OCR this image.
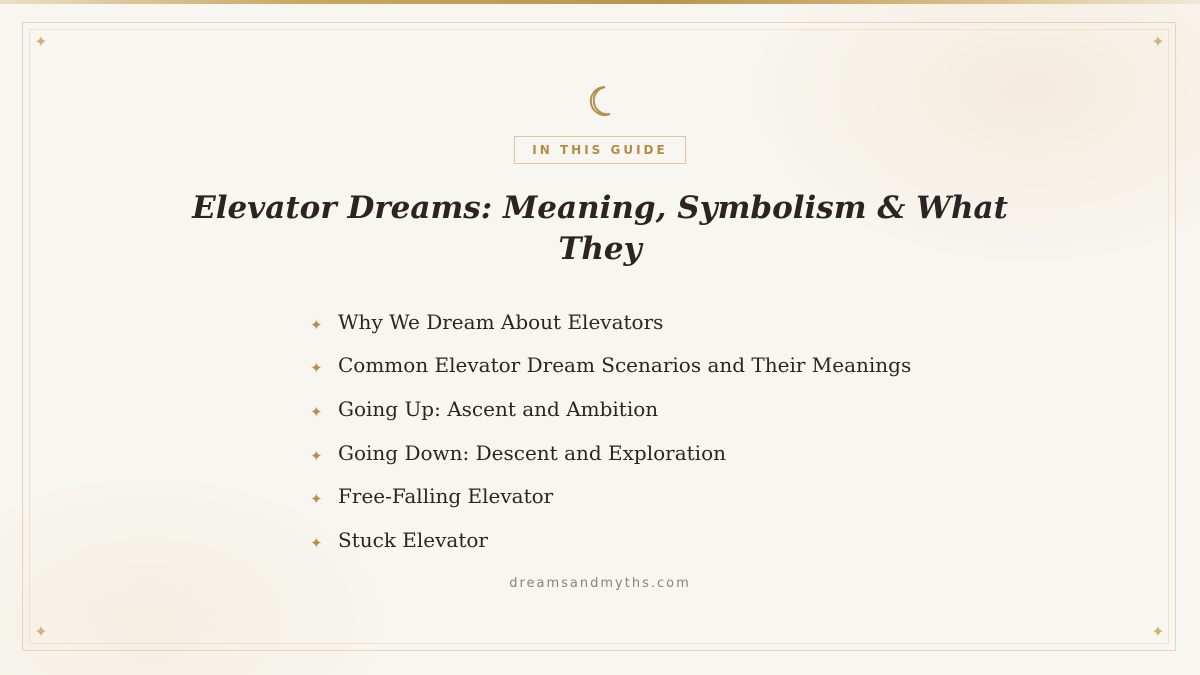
✦	✦
✦	✦
IN THIS GUIDE
Elevator Dreams: Meaning, Symbolism & What They
✦ Why We Dream About Elevators
✦ Common Elevator Dream Scenarios and Their Meanings
✦ Going Up: Ascent and Ambition
✦ Going Down: Descent and Exploration
✦ Free-Falling Elevator
✦ Stuck Elevator
dreamsandmyths.com
